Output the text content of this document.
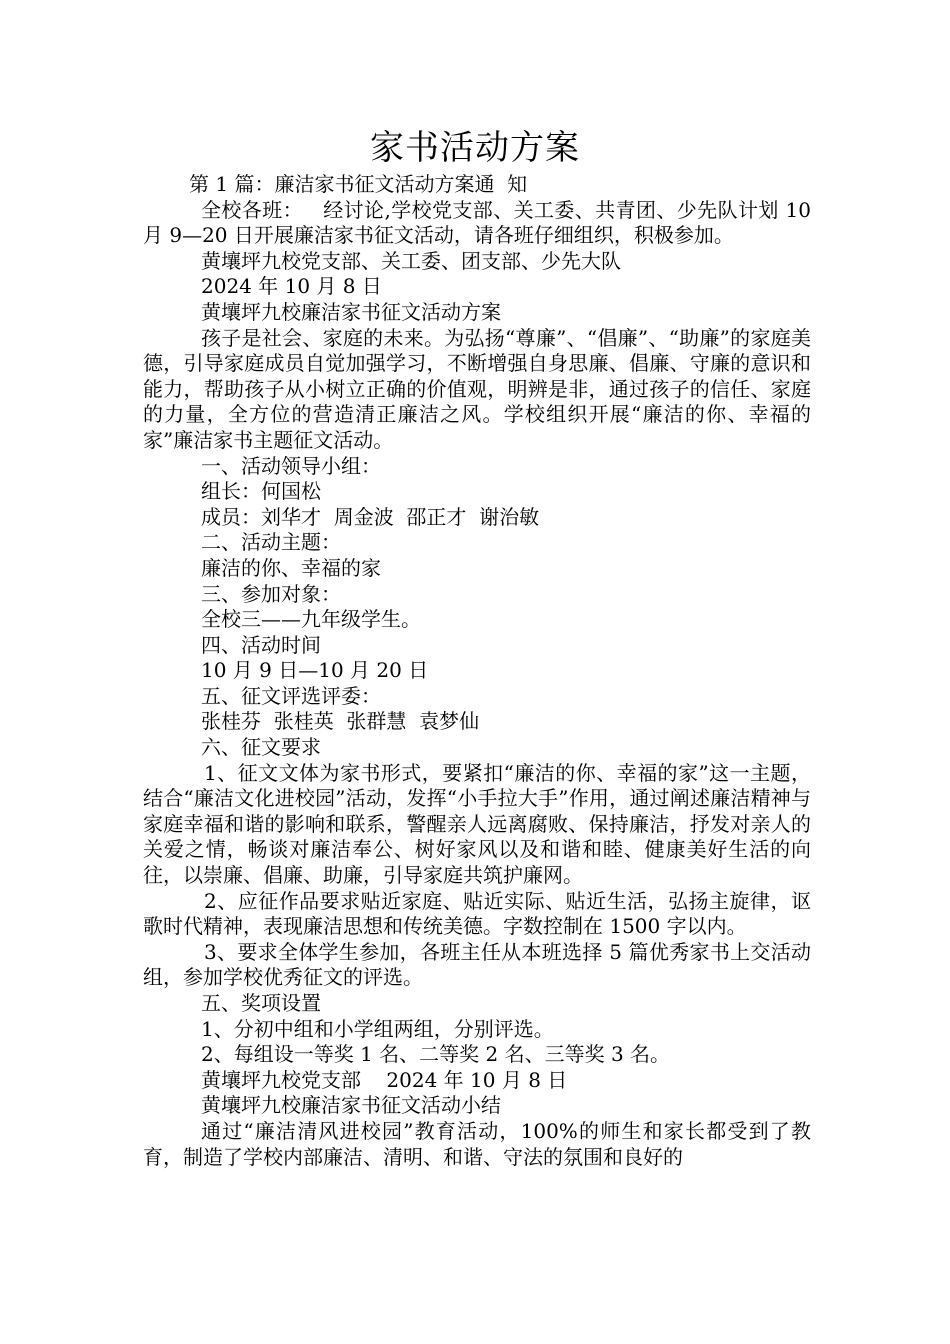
家书活动方案

第 1 篇：廉洁家书征文活动方案通  知

全校各班：   经讨论,学校党支部、关工委、共青团、少先队计划 10 月 9—20 日开展廉洁家书征文活动，请各班仔细组织，积极参加。

黄壤坪九校党支部、关工委、团支部、少先大队

2024 年 10 月 8 日

黄壤坪九校廉洁家书征文活动方案

孩子是社会、家庭的未来。为弘扬“尊廉”、“倡廉”、“助廉”的家庭美德，引导家庭成员自觉加强学习，不断增强自身思廉、倡廉、守廉的意识和能力，帮助孩子从小树立正确的价值观，明辨是非，通过孩子的信任、家庭的力量，全方位的营造清正廉洁之风。学校组织开展“廉洁的你、幸福的家”廉洁家书主题征文活动。

一、活动领导小组：

组长：何国松

成员：刘华才  周金波  邵正才  谢治敏

二、活动主题：

廉洁的你、幸福的家

三、参加对象：

全校三——九年级学生。

四、活动时间

10 月 9 日—10 月 20 日

五、征文评选评委：

张桂芬  张桂英  张群慧  袁梦仙

六、征文要求

1、征文文体为家书形式，要紧扣“廉洁的你、幸福的家”这一主题，结合“廉洁文化进校园”活动，发挥“小手拉大手”作用，通过阐述廉洁精神与家庭幸福和谐的影响和联系，警醒亲人远离腐败、保持廉洁，抒发对亲人的关爱之情，畅谈对廉洁奉公、树好家风以及和谐和睦、健康美好生活的向往，以崇廉、倡廉、助廉，引导家庭共筑护廉网。

2、应征作品要求贴近家庭、贴近实际、贴近生活，弘扬主旋律，讴歌时代精神，表现廉洁思想和传统美德。字数控制在 1500 字以内。

3、要求全体学生参加，各班主任从本班选择 5 篇优秀家书上交活动组，参加学校优秀征文的评选。

五、奖项设置

1、分初中组和小学组两组，分别评选。

2、每组设一等奖 1 名、二等奖 2 名、三等奖 3 名。

黄壤坪九校党支部    2024 年 10 月 8 日

黄壤坪九校廉洁家书征文活动小结

通过“廉洁清风进校园”教育活动，100%的师生和家长都受到了教育，制造了学校内部廉洁、清明、和谐、守法的氛围和良好的
